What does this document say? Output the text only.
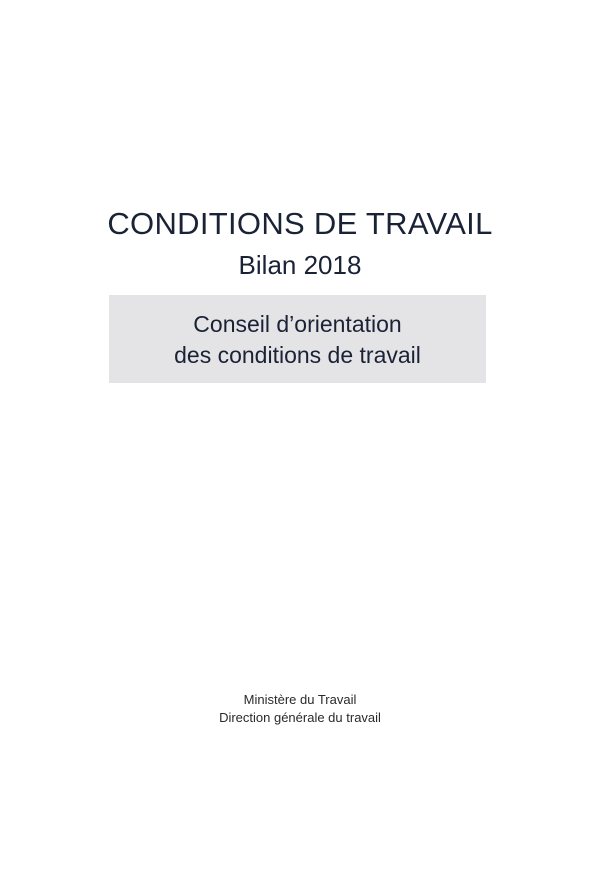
CONDITIONS DE TRAVAIL
Bilan 2018
Conseil d’orientation
des conditions de travail
Ministère du Travail
Direction générale du travail
